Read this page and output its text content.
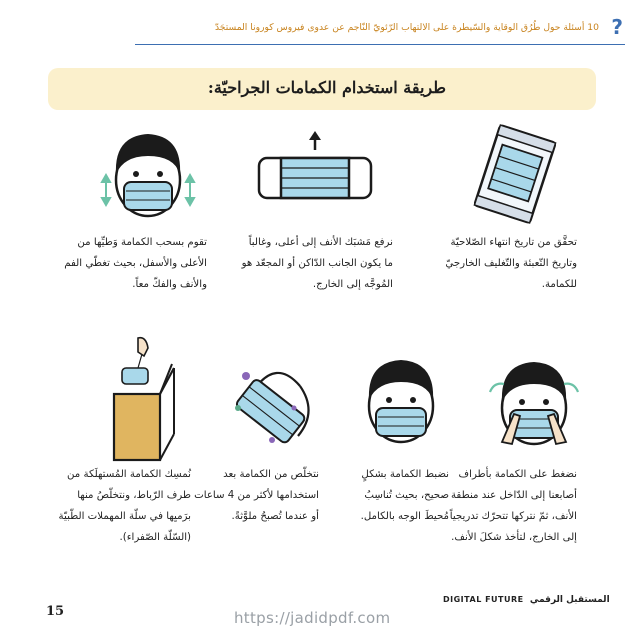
?
10 أسئلة حول طُرُق الوقاية والسّيطرة على الالتهاب الرّئويّ النّاجم عن عدوى فيروس كورونا المستجَدّ
طريقة استخدام الكمامات الجراحيّة:
تحقَّق من تاريخ انتهاء الصّلاحيّة
وتاريخ التّعبئة والتّغليف الخارجيّ
للكمامة.
نرفع مَشبَك الأنف إلى أعلى، وغالباً
ما يكون الجانب الدّاكن أو المجعّد هو
المُوجَّه إلى الخارج.
تقوم بسحب الكمامة وَطيِّها من
الأعلى والأسفل، بحيث تغطّي الفم
والأنف والفكّ معاً.
نضغط على الكمامة بأطراف
أصابعنا إلى الدّاخل عند منطقة
الأنف، ثمّ نتركها تتحرّك تدريجياً
إلى الخارج، لتأخذ شكلَ الأنف.
نضبط الكمامة بشكلٍ
صحيح، بحيث تُناسِبُ
مُحيطَ الوجه بالكامل.
نتخلّص من الكمامة بعد
استخدامها لأكثر من 4 ساعات
أو عندما تُصبحُ ملوَّثةً.
نُمسِك الكمامة المُستهلَكة من
طرف الرّباط، ونتخلّصُ منها
برَميِها في سلّة المهملات الطّبيّة
(السّلّة الصّفراء).
15	https://jadidpdf.com
DIGITAL FUTURE المستقبل الرقمي
